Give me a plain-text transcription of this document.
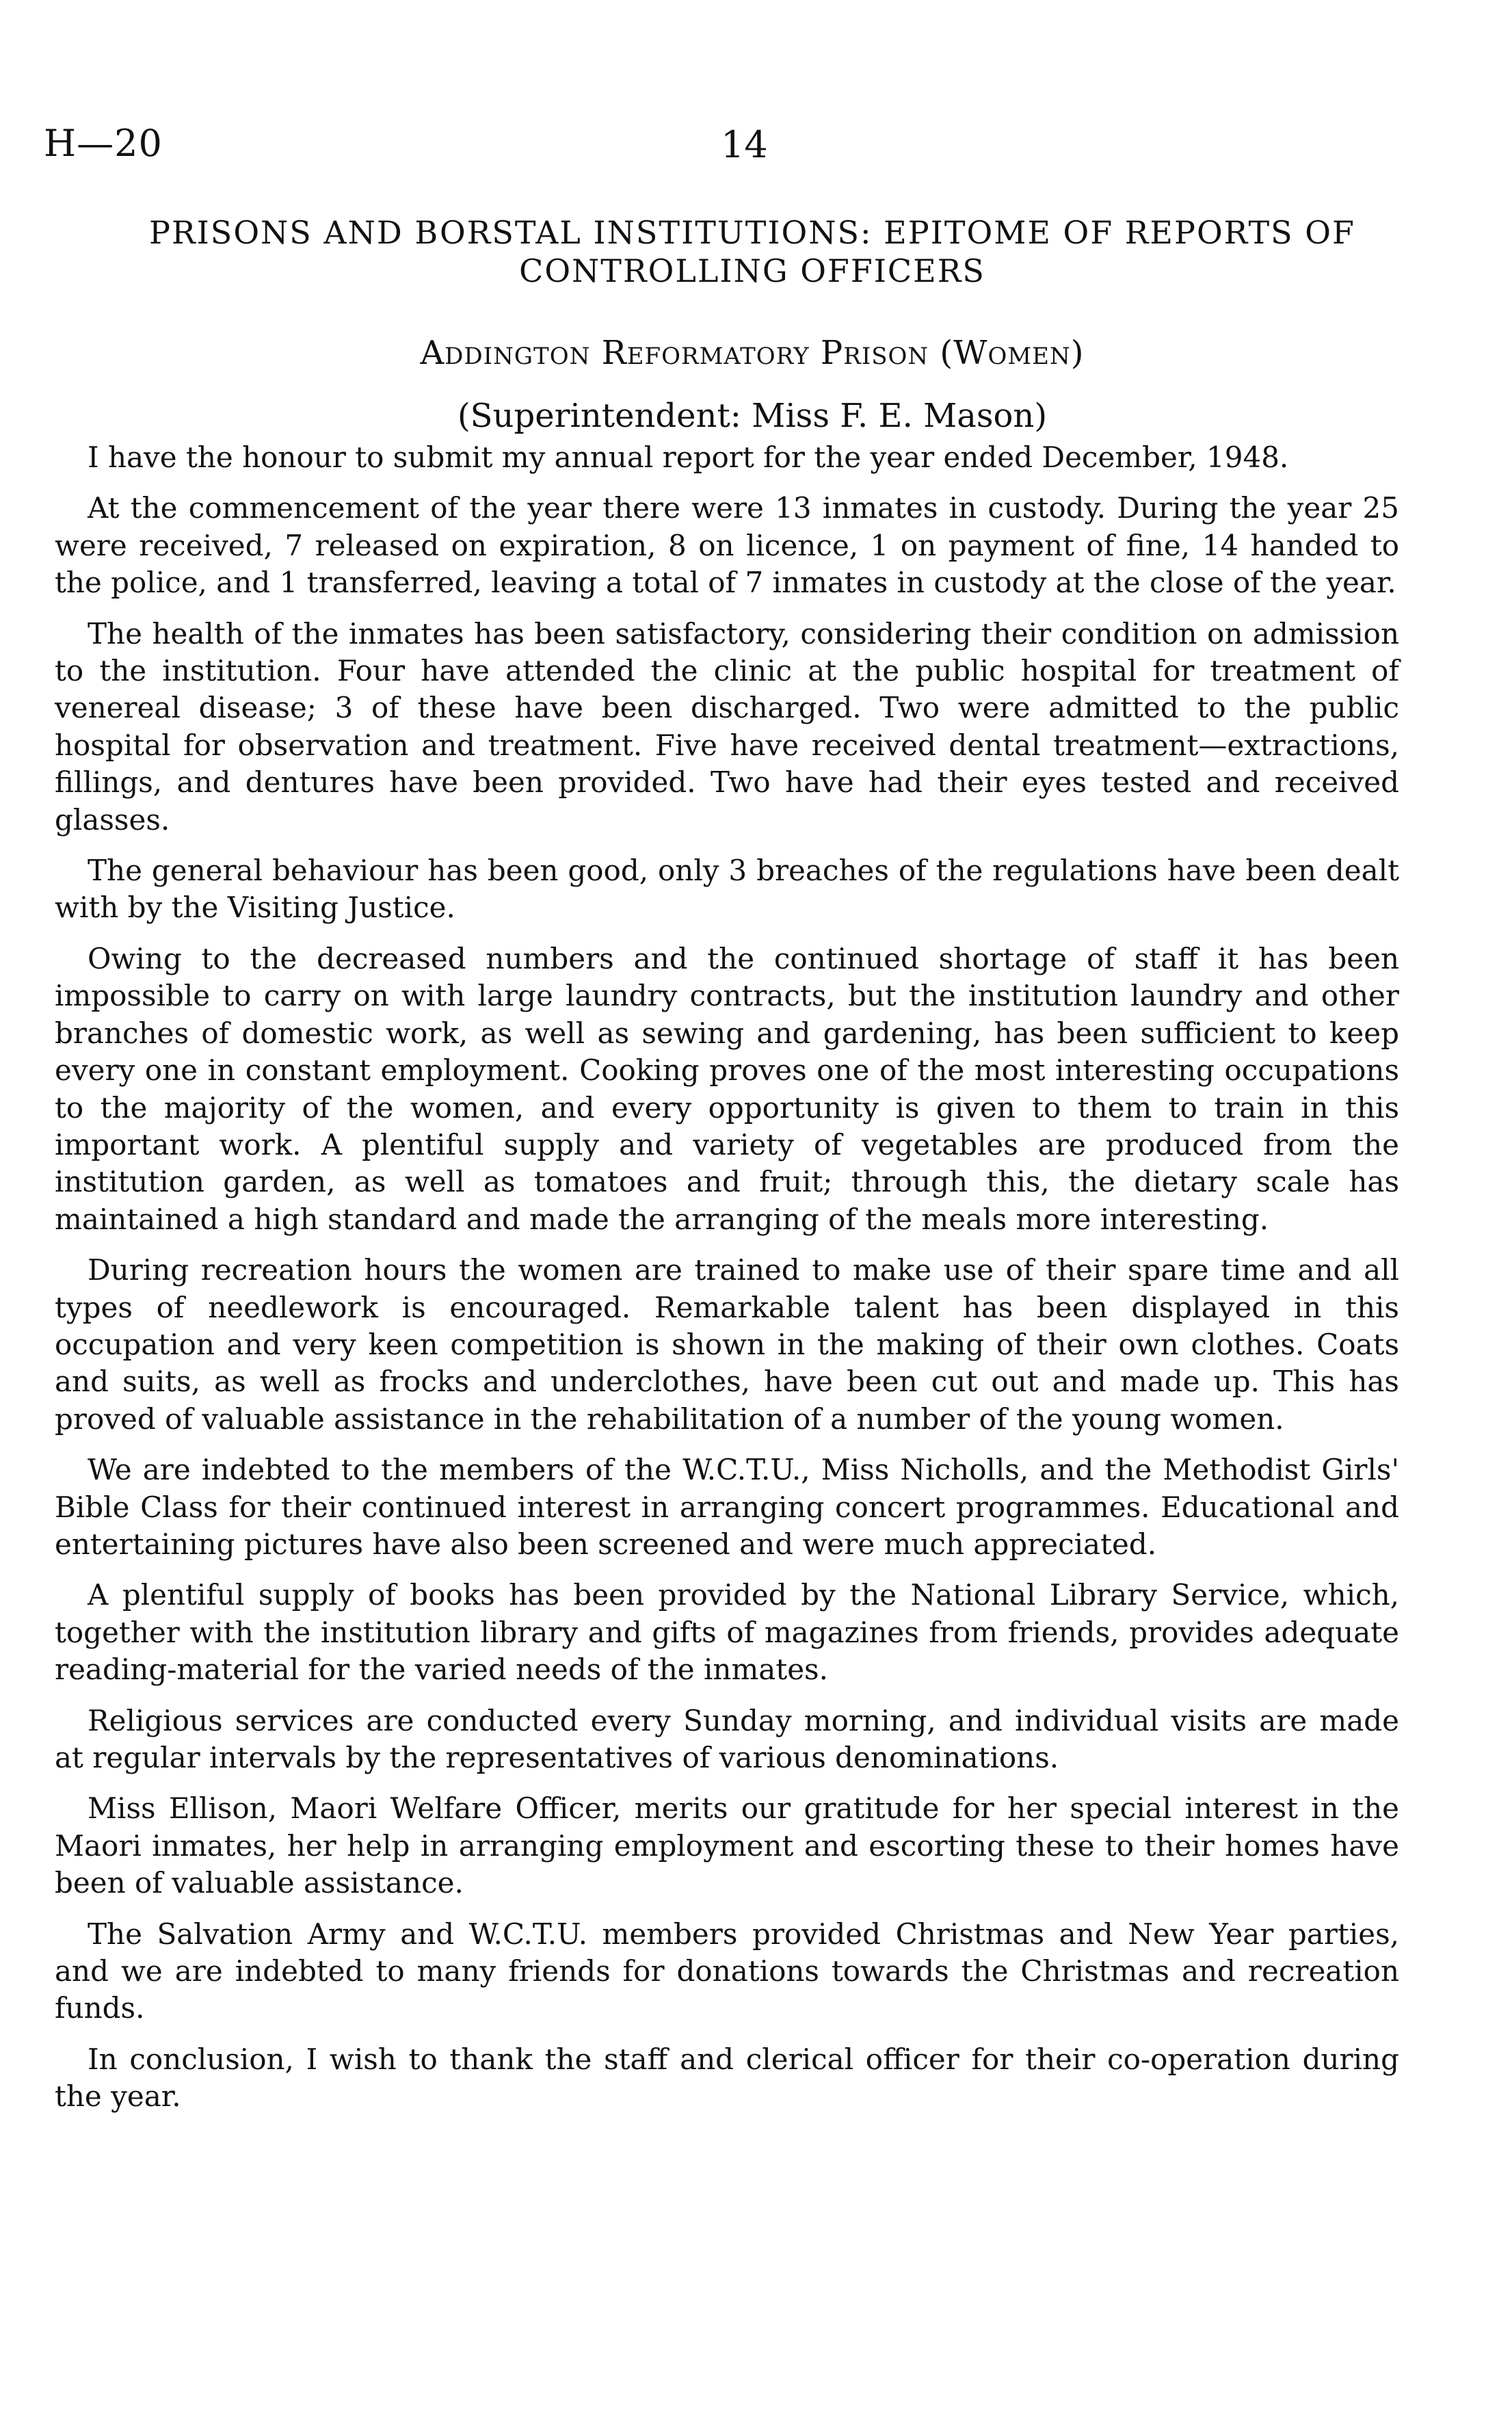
H—20	14
PRISONS AND BORSTAL INSTITUTIONS: EPITOME OF REPORTS OF CONTROLLING OFFICERS
Addington Reformatory Prison (Women)
(Superintendent: Miss F. E. Mason)

I have the honour to submit my annual report for the year ended December, 1948.

At the commencement of the year there were 13 inmates in custody. During the year 25 were received, 7 released on expiration, 8 on licence, 1 on payment of fine, 14 handed to the police, and 1 transferred, leaving a total of 7 inmates in custody at the close of the year.

The health of the inmates has been satisfactory, considering their condition on admission to the institution. Four have attended the clinic at the public hospital for treatment of venereal disease; 3 of these have been discharged. Two were admitted to the public hospital for observation and treatment. Five have received dental treatment—extractions, fillings, and dentures have been provided. Two have had their eyes tested and received glasses.

The general behaviour has been good, only 3 breaches of the regulations have been dealt with by the Visiting Justice.

Owing to the decreased numbers and the continued shortage of staff it has been impossible to carry on with large laundry contracts, but the institution laundry and other branches of domestic work, as well as sewing and gardening, has been sufficient to keep every one in constant employment. Cooking proves one of the most interesting occupations to the majority of the women, and every opportunity is given to them to train in this important work. A plentiful supply and variety of vegetables are produced from the institution garden, as well as tomatoes and fruit; through this, the dietary scale has maintained a high standard and made the arranging of the meals more interesting.

During recreation hours the women are trained to make use of their spare time and all types of needlework is encouraged. Remarkable talent has been displayed in this occupation and very keen competition is shown in the making of their own clothes. Coats and suits, as well as frocks and underclothes, have been cut out and made up. This has proved of valuable assistance in the rehabilitation of a number of the young women.

We are indebted to the members of the W.C.T.U., Miss Nicholls, and the Methodist Girls' Bible Class for their continued interest in arranging concert programmes. Educational and entertaining pictures have also been screened and were much appreciated.

A plentiful supply of books has been provided by the National Library Service, which, together with the institution library and gifts of magazines from friends, provides adequate reading-material for the varied needs of the inmates.

Religious services are conducted every Sunday morning, and individual visits are made at regular intervals by the representatives of various denominations.

Miss Ellison, Maori Welfare Officer, merits our gratitude for her special interest in the Maori inmates, her help in arranging employment and escorting these to their homes have been of valuable assistance.

The Salvation Army and W.C.T.U. members provided Christmas and New Year parties, and we are indebted to many friends for donations towards the Christmas and recreation funds.

In conclusion, I wish to thank the staff and clerical officer for their co-operation during the year.
